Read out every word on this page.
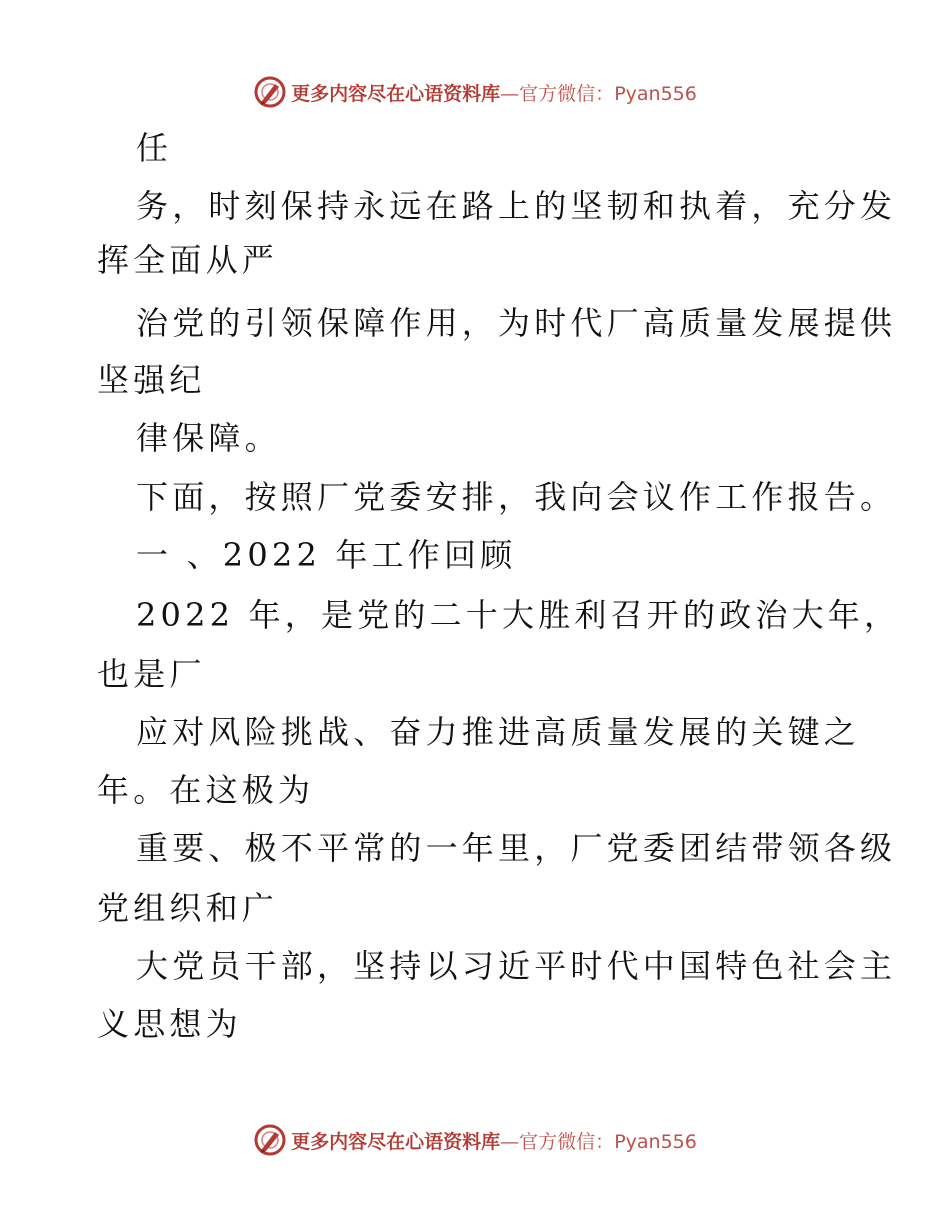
更多内容尽在心语资料库—官方微信：Pyan556
任
务，时刻保持永远在路上的坚韧和执着，充分发
挥全面从严
治党的引领保障作用，为时代厂高质量发展提供
坚强纪
律保障。
下面，按照厂党委安排，我向会议作工作报告。
一 、2022 年工作回顾
2022 年，是党的二十大胜利召开的政治大年，
也是厂
应对风险挑战、奋力推进高质量发展的关键之
年。在这极为
重要、极不平常的一年里，厂党委团结带领各级
党组织和广
大党员干部，坚持以习近平时代中国特色社会主
义思想为
更多内容尽在心语资料库—官方微信：Pyan556
